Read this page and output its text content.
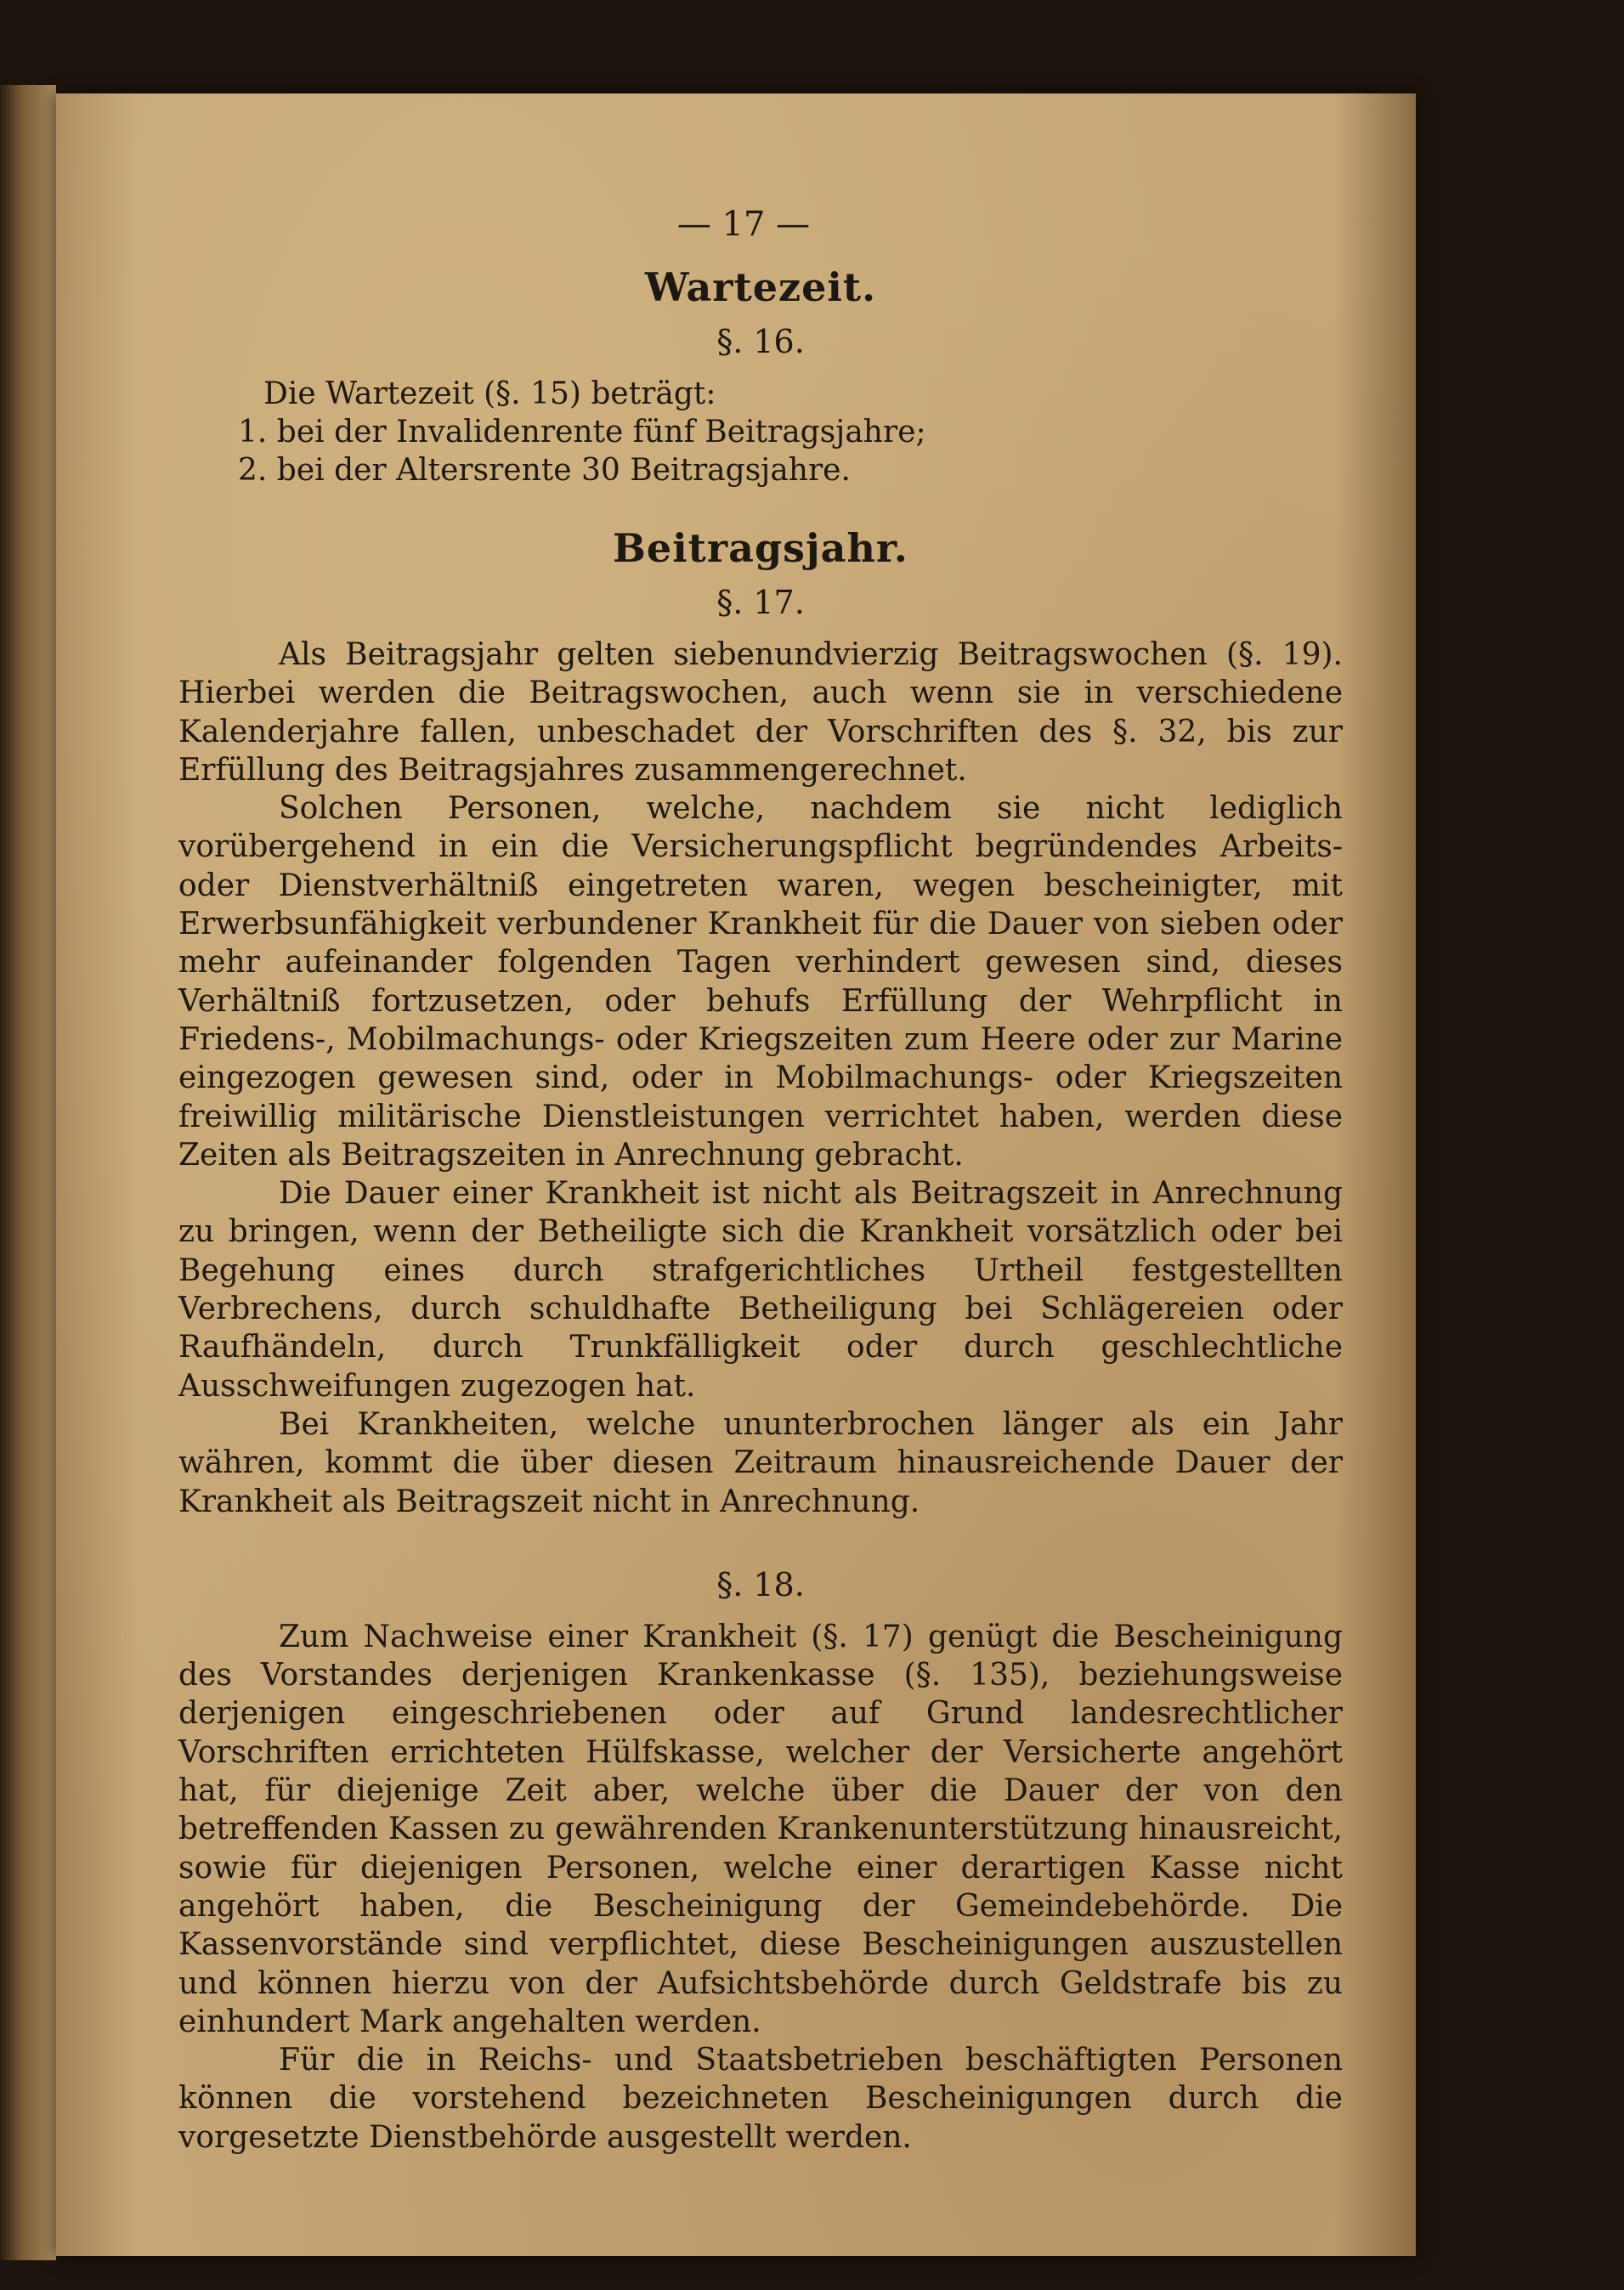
— 17 —
Wartezeit.
§. 16.
Die Wartezeit (§. 15) beträgt:
1. bei der Invalidenrente fünf Beitragsjahre;
2. bei der Altersrente 30 Beitragsjahre.
Beitragsjahr.
§. 17.

Als Beitragsjahr gelten siebenundvierzig Beitragswochen (§. 19). Hierbei werden die Beitragswochen, auch wenn sie in verschiedene Kalenderjahre fallen, unbeschadet der Vorschriften des §. 32, bis zur Erfüllung des Beitragsjahres zusammengerechnet.

Solchen Personen, welche, nachdem sie nicht lediglich vorübergehend in ein die Versicherungspflicht begründendes Arbeits- oder Dienstverhältniß eingetreten waren, wegen bescheinigter, mit Erwerbsunfähigkeit verbundener Krankheit für die Dauer von sieben oder mehr aufeinander folgenden Tagen verhindert gewesen sind, dieses Verhältniß fortzusetzen, oder behufs Erfüllung der Wehrpflicht in Friedens-, Mobilmachungs- oder Kriegszeiten zum Heere oder zur Marine eingezogen gewesen sind, oder in Mobilmachungs- oder Kriegszeiten freiwillig militärische Dienstleistungen verrichtet haben, werden diese Zeiten als Beitragszeiten in Anrechnung gebracht.

Die Dauer einer Krankheit ist nicht als Beitragszeit in Anrechnung zu bringen, wenn der Betheiligte sich die Krankheit vorsätzlich oder bei Begehung eines durch strafgerichtliches Urtheil festgestellten Verbrechens, durch schuldhafte Betheiligung bei Schlägereien oder Raufhändeln, durch Trunkfälligkeit oder durch geschlechtliche Ausschweifungen zugezogen hat.

Bei Krankheiten, welche ununterbrochen länger als ein Jahr währen, kommt die über diesen Zeitraum hinausreichende Dauer der Krankheit als Beitragszeit nicht in Anrechnung.

§. 18.

Zum Nachweise einer Krankheit (§. 17) genügt die Bescheinigung des Vorstandes derjenigen Krankenkasse (§. 135), beziehungsweise derjenigen eingeschriebenen oder auf Grund landesrechtlicher Vorschriften errichteten Hülfskasse, welcher der Versicherte angehört hat, für diejenige Zeit aber, welche über die Dauer der von den betreffenden Kassen zu gewährenden Krankenunterstützung hinausreicht, sowie für diejenigen Personen, welche einer derartigen Kasse nicht angehört haben, die Bescheinigung der Gemeindebehörde. Die Kassenvorstände sind verpflichtet, diese Bescheinigungen auszustellen und können hierzu von der Aufsichtsbehörde durch Geldstrafe bis zu einhundert Mark angehalten werden.

Für die in Reichs- und Staatsbetrieben beschäftigten Personen können die vorstehend bezeichneten Bescheinigungen durch die vorgesetzte Dienstbehörde ausgestellt werden.
